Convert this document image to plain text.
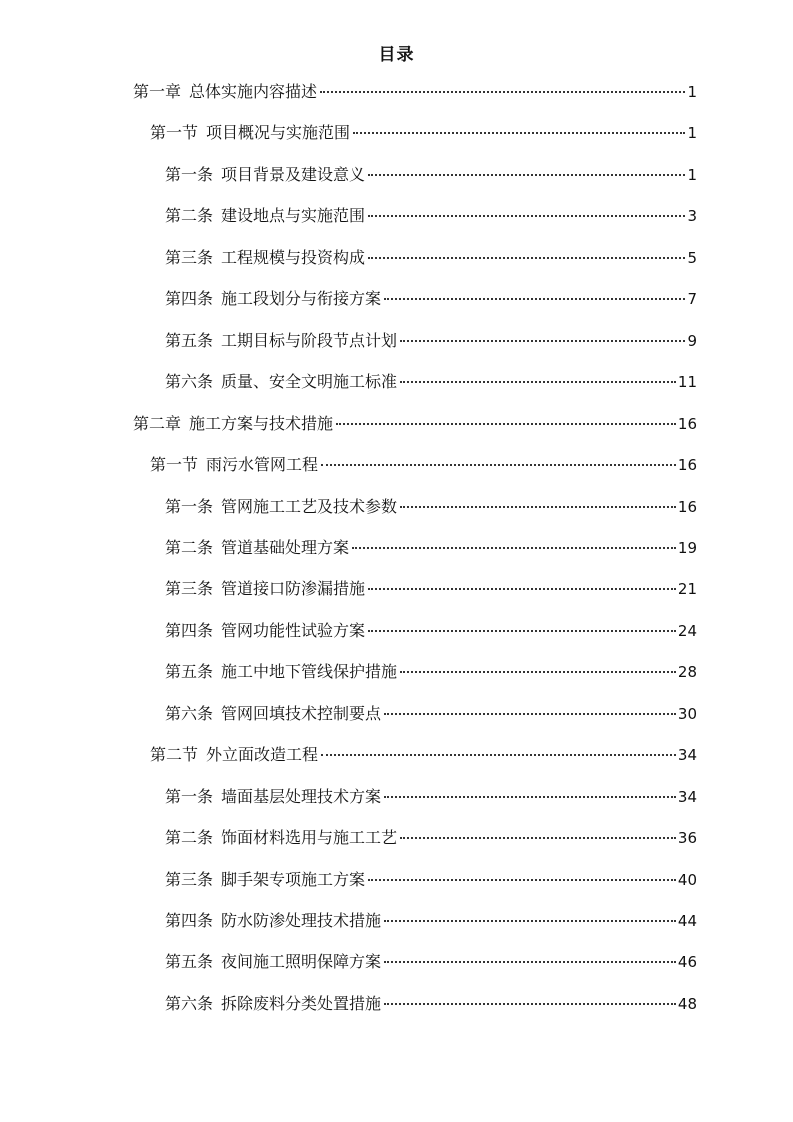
目录
第一章 总体实施内容描述	1
第一节 项目概况与实施范围	1
第一条 项目背景及建设意义	1
第二条 建设地点与实施范围	3
第三条 工程规模与投资构成	5
第四条 施工段划分与衔接方案	7
第五条 工期目标与阶段节点计划	9
第六条 质量、安全文明施工标准	11
第二章 施工方案与技术措施	16
第一节 雨污水管网工程	16
第一条 管网施工工艺及技术参数	16
第二条 管道基础处理方案	19
第三条 管道接口防渗漏措施	21
第四条 管网功能性试验方案	24
第五条 施工中地下管线保护措施	28
第六条 管网回填技术控制要点	30
第二节 外立面改造工程	34
第一条 墙面基层处理技术方案	34
第二条 饰面材料选用与施工工艺	36
第三条 脚手架专项施工方案	40
第四条 防水防渗处理技术措施	44
第五条 夜间施工照明保障方案	46
第六条 拆除废料分类处置措施	48
